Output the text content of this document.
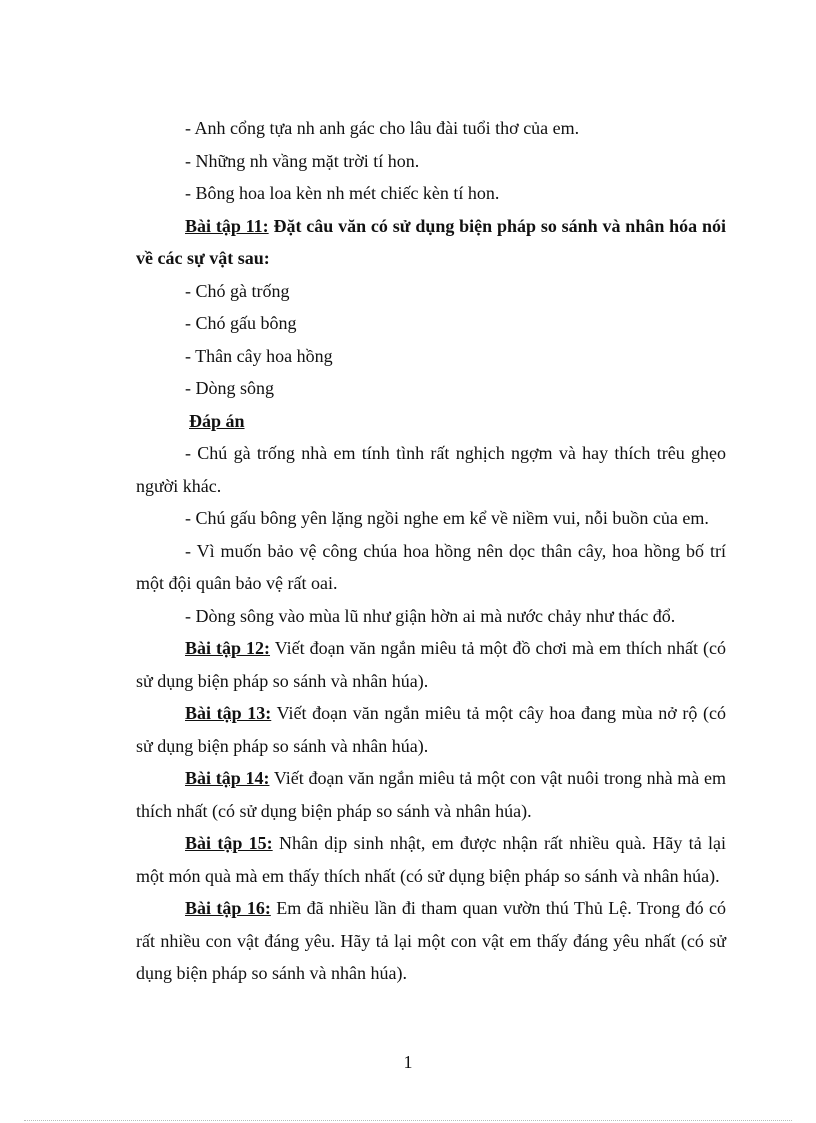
- Anh cổng tựa nh anh gác cho lâu đài tuổi thơ của em.
- Những nh vầng mặt trời tí hon.
- Bông hoa loa kèn nh mét chiếc kèn tí hon.
Bài tập 11: Đặt câu văn có sử dụng biện pháp so sánh và nhân hóa nói về các sự vật sau:
- Chó gà trống
- Chó gấu bông
- Thân cây hoa hồng
- Dòng sông
Đáp án
- Chú gà trống nhà em tính tình rất nghịch ngợm và hay thích trêu ghẹo người khác.
- Chú gấu bông yên lặng ngồi nghe em kể về niềm vui, nỗi buồn của em.
- Vì muốn bảo vệ công chúa hoa hồng nên dọc thân cây, hoa hồng bố trí một đội quân bảo vệ rất oai.
- Dòng sông vào mùa lũ như giận hờn ai mà nước chảy như thác đổ.
Bài tập 12: Viết đoạn văn ngắn miêu tả một đồ chơi mà em thích nhất (có sử dụng biện pháp so sánh và nhân húa).
Bài tập 13: Viết đoạn văn ngắn miêu tả một cây hoa đang mùa nở rộ (có sử dụng biện pháp so sánh và nhân húa).
Bài tập 14: Viết đoạn văn ngắn miêu tả một con vật nuôi trong nhà mà em thích nhất (có sử dụng biện pháp so sánh và nhân húa).
Bài tập 15: Nhân dịp sinh nhật, em được nhận rất nhiều quà. Hãy tả lại một món quà mà em thấy thích nhất (có sử dụng biện pháp so sánh và nhân húa).
Bài tập 16: Em đã nhiều lần đi tham quan vườn thú Thủ Lệ. Trong đó có rất nhiều con vật đáng yêu. Hãy tả lại một con vật em thấy đáng yêu nhất (có sử dụng biện pháp so sánh và nhân húa).
1
